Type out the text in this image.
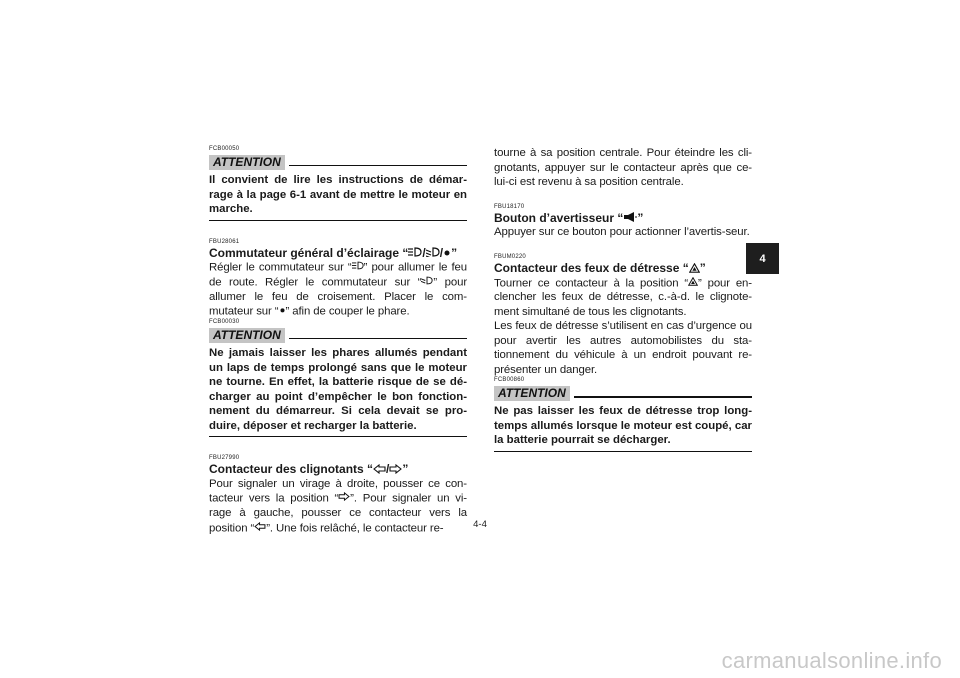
FCB00050
ATTENTION
Il convient de lire les instructions de démar-rage à la page 6-1 avant de mettre le moteur en marche.
FBU28061
Commutateur général d’éclairage “ / / ”
Régler le commutateur sur “ ” pour allumer le feu de route. Régler le commutateur sur “ ” pour allumer le feu de croisement. Placer le com-mutateur sur “ ” afin de couper le phare.
FCB00030
ATTENTION
Ne jamais laisser les phares allumés pendant un laps de temps prolongé sans que le moteur ne tourne. En effet, la batterie risque de se dé-charger au point d’empêcher le bon fonction-nement du démarreur. Si cela devait se pro-duire, déposer et recharger la batterie.
FBU27990
Contacteur des clignotants “ / ”
Pour signaler un virage à droite, pousser ce con-tacteur vers la position “ ”. Pour signaler un vi-rage à gauche, pousser ce contacteur vers la position “ ”. Une fois relâché, le contacteur re-
tourne à sa position centrale. Pour éteindre les cli-gnotants, appuyer sur le contacteur après que ce-lui-ci est revenu à sa position centrale.
FBU18170
Bouton d’avertisseur “ ”
Appuyer sur ce bouton pour actionner l’avertis-seur.
FBUM0220
Contacteur des feux de détresse “ ”
Tourner ce contacteur à la position “ ” pour en-clencher les feux de détresse, c.-à-d. le clignote-ment simultané de tous les clignotants.
Les feux de détresse s’utilisent en cas d’urgence ou pour avertir les autres automobilistes du sta-tionnement du véhicule à un endroit pouvant re-présenter un danger.
FCB00860
ATTENTION
Ne pas laisser les feux de détresse trop long-temps allumés lorsque le moteur est coupé, car la batterie pourrait se décharger.
4
4-4
carmanualsonline.info
